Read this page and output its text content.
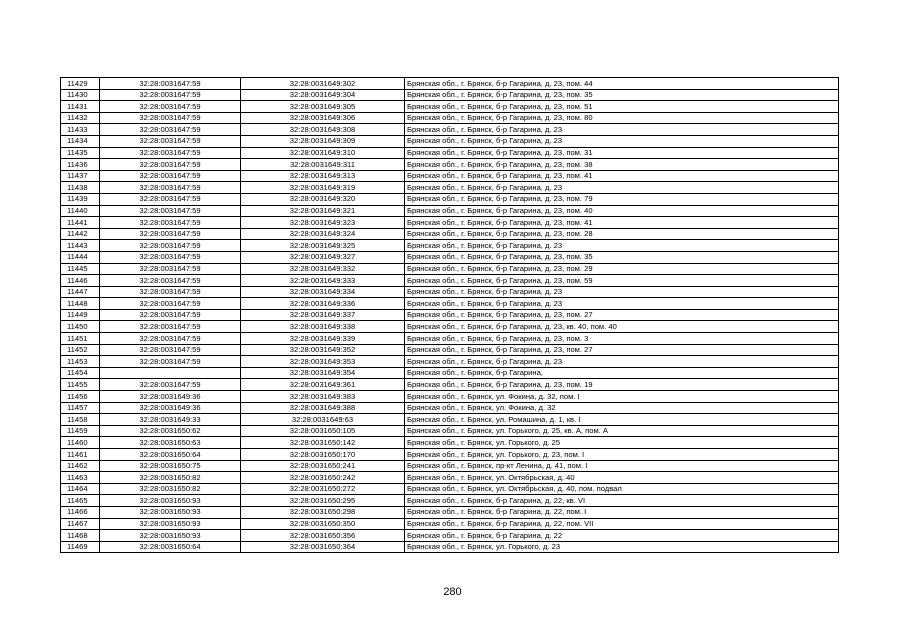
11429	32:28:0031647:59	32:28:0031649:302	Брянская обл., г. Брянск, б-р Гагарина, д. 23, пом. 44
11430	32:28:0031647:59	32:28:0031649:304	Брянская обл., г. Брянск, б-р Гагарина, д. 23, пом. 35
11431	32:28:0031647:59	32:28:0031649:305	Брянская обл., г. Брянск, б-р Гагарина, д. 23, пом. 51
11432	32:28:0031647:59	32:28:0031649:306	Брянская обл., г. Брянск, б-р Гагарина, д. 23, пом. 80
11433	32:28:0031647:59	32:28:0031649:308	Брянская обл., г. Брянск, б-р Гагарина, д. 23
11434	32:28:0031647:59	32:28:0031649:309	Брянская обл., г. Брянск, б-р Гагарина, д. 23
11435	32:28:0031647:59	32:28:0031649:310	Брянская обл., г. Брянск, б-р Гагарина, д. 23, пом. 31
11436	32:28:0031647:59	32:28:0031649:311	Брянская обл., г. Брянск, б-р Гагарина, д. 23, пом. 38
11437	32:28:0031647:59	32:28:0031649:313	Брянская обл., г. Брянск, б-р Гагарина, д. 23, пом. 41
11438	32:28:0031647:59	32:28:0031649:319	Брянская обл., г. Брянск, б-р Гагарина, д. 23
11439	32:28:0031647:59	32:28:0031649:320	Брянская обл., г. Брянск, б-р Гагарина, д. 23, пом. 79
11440	32:28:0031647:59	32:28:0031649:321	Брянская обл., г. Брянск, б-р Гагарина, д. 23, пом. 40
11441	32:28:0031647:59	32:28:0031649:323	Брянская обл., г. Брянск, б-р Гагарина, д. 23, пом. 41
11442	32:28:0031647:59	32:28:0031649:324	Брянская обл., г. Брянск, б-р Гагарина, д. 23, пом. 28
11443	32:28:0031647:59	32:28:0031649:325	Брянская обл., г. Брянск, б-р Гагарина, д. 23
11444	32:28:0031647:59	32:28:0031649:327	Брянская обл., г. Брянск, б-р Гагарина, д. 23, пом. 35
11445	32:28:0031647:59	32:28:0031649:332	Брянская обл., г. Брянск, б-р Гагарина, д. 23, пом. 29
11446	32:28:0031647:59	32:28:0031649:333	Брянская обл., г. Брянск, б-р Гагарина, д. 23, пом. 59
11447	32:28:0031647:59	32:28:0031649:334	Брянская обл., г. Брянск, б-р Гагарина, д. 23
11448	32:28:0031647:59	32:28:0031649:336	Брянская обл., г. Брянск, б-р Гагарина, д. 23
11449	32:28:0031647:59	32:28:0031649:337	Брянская обл., г. Брянск, б-р Гагарина, д. 23, пом. 27
11450	32:28:0031647:59	32:28:0031649:338	Брянская обл., г. Брянск, б-р Гагарина, д. 23, кв. 40, пом. 40
11451	32:28:0031647:59	32:28:0031649:339	Брянская обл., г. Брянск, б-р Гагарина, д. 23, пом. 3
11452	32:28:0031647:59	32:28:0031649:352	Брянская обл., г. Брянск, б-р Гагарина, д. 23, пом. 27
11453	32:28:0031647:59	32:28:0031649:353	Брянская обл., г. Брянск, б-р Гагарина, д. 23
11454		32:28:0031649:354	Брянская обл., г. Брянск, б-р Гагарина,
11455	32:28:0031647:59	32:28:0031649:361	Брянская обл., г. Брянск, б-р Гагарина, д. 23, пом. 19
11456	32:28:0031649:36	32:28:0031649:383	Брянская обл., г. Брянск, ул. Фокина, д. 32, пом. I
11457	32:28:0031649:36	32:28:0031649:388	Брянская обл., г. Брянск, ул. Фокина, д. 32
11458	32:28:0031649:33	32:28:0031649:63	Брянская обл., г. Брянск, ул. Ромашина, д. 1, кв. I
11459	32:28:0031650:62	32:28:0031650:105	Брянская обл., г. Брянск, ул. Горького, д. 25, кв. А, пом. А
11460	32:28:0031650:63	32:28:0031650:142	Брянская обл., г. Брянск, ул. Горького, д. 25
11461	32:28:0031650:64	32:28:0031650:170	Брянская обл., г. Брянск, ул. Горького, д. 23, пом. I
11462	32:28:0031650:75	32:28:0031650:241	Брянская обл., г. Брянск, пр-кт Ленина, д. 41, пом. I
11463	32:28:0031650:82	32:28:0031650:242	Брянская обл., г. Брянск, ул. Октябрьская, д. 40
11464	32:28:0031650:82	32:28:0031650:272	Брянская обл., г. Брянск, ул. Октябрьская, д. 40, пом. подвал
11465	32:28:0031650:93	32:28:0031650:295	Брянская обл., г. Брянск, б-р Гагарина, д. 22, кв. VI
11466	32:28:0031650:93	32:28:0031650:298	Брянская обл., г. Брянск, б-р Гагарина, д. 22, пом. I
11467	32:28:0031650:93	32:28:0031650:350	Брянская обл., г. Брянск, б-р Гагарина, д. 22, пом. VII
11468	32:28:0031650:93	32:28:0031650:356	Брянская обл., г. Брянск, б-р Гагарина, д. 22
11469	32:28:0031650:64	32:28:0031650:364	Брянская обл., г. Брянск, ул. Горького, д. 23
280
